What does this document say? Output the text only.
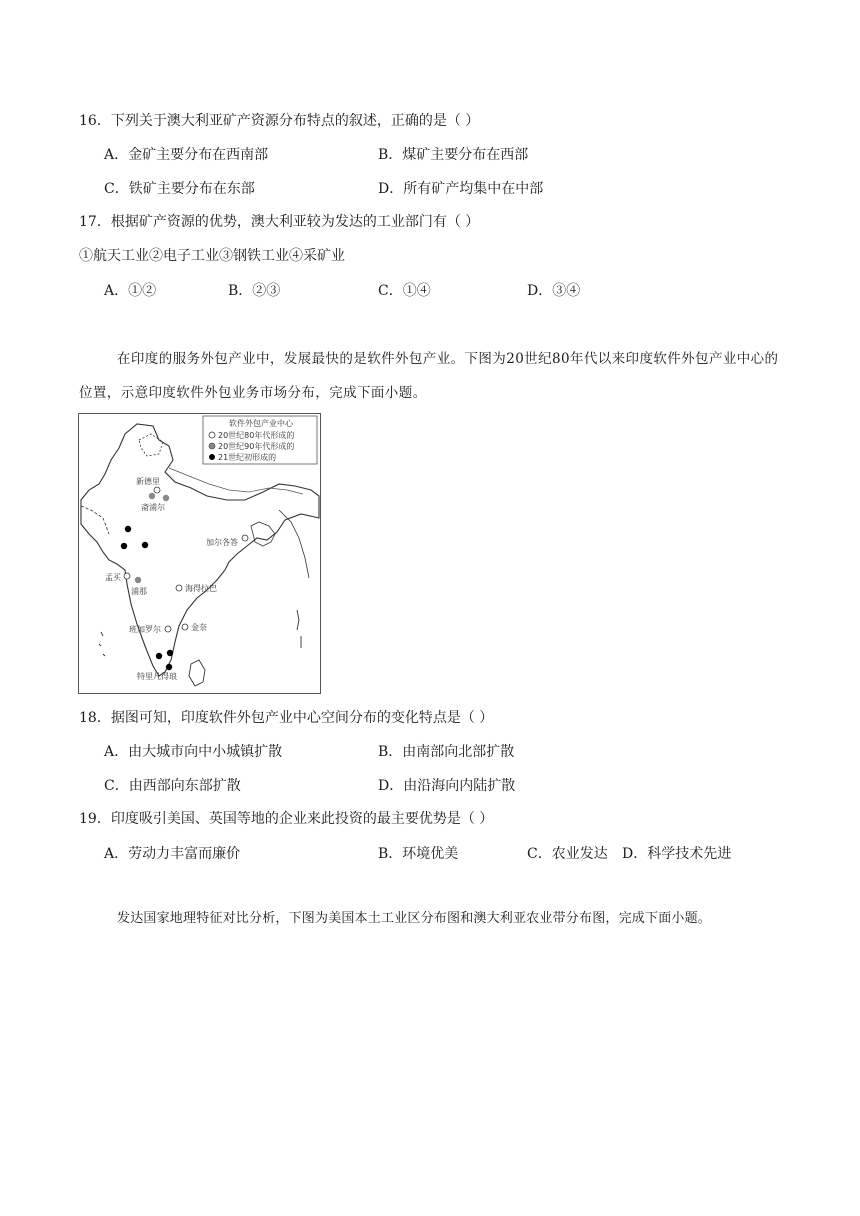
16．下列关于澳大利亚矿产资源分布特点的叙述，正确的是（ ）
A．金矿主要分布在西南部	B．煤矿主要分布在西部
C．铁矿主要分布在东部	D．所有矿产均集中在中部
17．根据矿产资源的优势，澳大利亚较为发达的工业部门有（ ）
①航天工业②电子工业③钢铁工业④采矿业
A．①②	B．②③	C．①④	D．③④
在印度的服务外包产业中，发展最快的是软件外包产业。下图为20世纪80年代以来印度软件外包产业中心的位置，示意印度软件外包业务市场分布，完成下面小题。
软件外包产业中心
20世纪80年代形成的
20世纪90年代形成的
21世纪初形成的
新德里
斋浦尔
加尔各答
孟买
浦那	海得拉巴
班加罗尔	金奈
特里凡得琅
18．据图可知，印度软件外包产业中心空间分布的变化特点是（ ）
A．由大城市向中小城镇扩散	B．由南部向北部扩散
C．由西部向东部扩散	D．由沿海向内陆扩散
19．印度吸引美国、英国等地的企业来此投资的最主要优势是（ ）
A．劳动力丰富而廉价	B．环境优美	C．农业发达 D．科学技术先进
发达国家地理特征对比分析，下图为美国本土工业区分布图和澳大利亚农业带分布图，完成下面小题。
